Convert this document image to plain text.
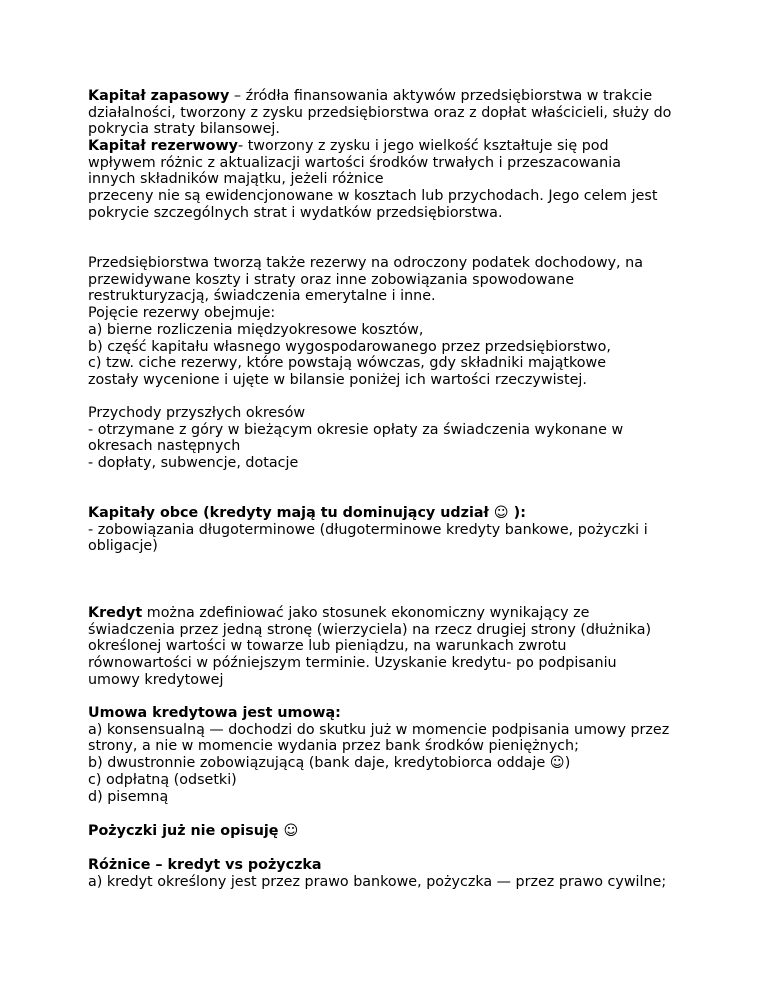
Kapitał zapasowy – źródła finansowania aktywów przedsiębiorstwa w trakcie
działalności, tworzony z zysku przedsiębiorstwa oraz z dopłat właścicieli, służy do
pokrycia straty bilansowej.
Kapitał rezerwowy- tworzony z zysku i jego wielkość kształtuje się pod
wpływem różnic z aktualizacji wartości środków trwałych i przeszacowania
innych składników majątku, jeżeli różnice
przeceny nie są ewidencjonowane w kosztach lub przychodach. Jego celem jest
pokrycie szczególnych strat i wydatków przedsiębiorstwa.
Przedsiębiorstwa tworzą także rezerwy na odroczony podatek dochodowy, na
przewidywane koszty i straty oraz inne zobowiązania spowodowane
restrukturyzacją, świadczenia emerytalne i inne.
Pojęcie rezerwy obejmuje:
a) bierne rozliczenia międzyokresowe kosztów,
b) część kapitału własnego wygospodarowanego przez przedsiębiorstwo,
c) tzw. ciche rezerwy, które powstają wówczas, gdy składniki majątkowe
zostały wycenione i ujęte w bilansie poniżej ich wartości rzeczywistej.
Przychody przyszłych okresów
- otrzymane z góry w bieżącym okresie opłaty za świadczenia wykonane w
okresach następnych
- dopłaty, subwencje, dotacje
Kapitały obce (kredyty mają tu dominujący udział ☺ ):
- zobowiązania długoterminowe (długoterminowe kredyty bankowe, pożyczki i
obligacje)
Kredyt można zdefiniować jako stosunek ekonomiczny wynikający ze
świadczenia przez jedną stronę (wierzyciela) na rzecz drugiej strony (dłużnika)
określonej wartości w towarze lub pieniądzu, na warunkach zwrotu
równowartości w późniejszym terminie. Uzyskanie kredytu- po podpisaniu
umowy kredytowej
Umowa kredytowa jest umową:
a) konsensualną — dochodzi do skutku już w momencie podpisania umowy przez
strony, a nie w momencie wydania przez bank środków pieniężnych;
b) dwustronnie zobowiązującą (bank daje, kredytobiorca oddaje ☺)
c) odpłatną (odsetki)
d) pisemną
Pożyczki już nie opisuję ☺
Różnice – kredyt vs pożyczka
a) kredyt określony jest przez prawo bankowe, pożyczka — przez prawo cywilne;
